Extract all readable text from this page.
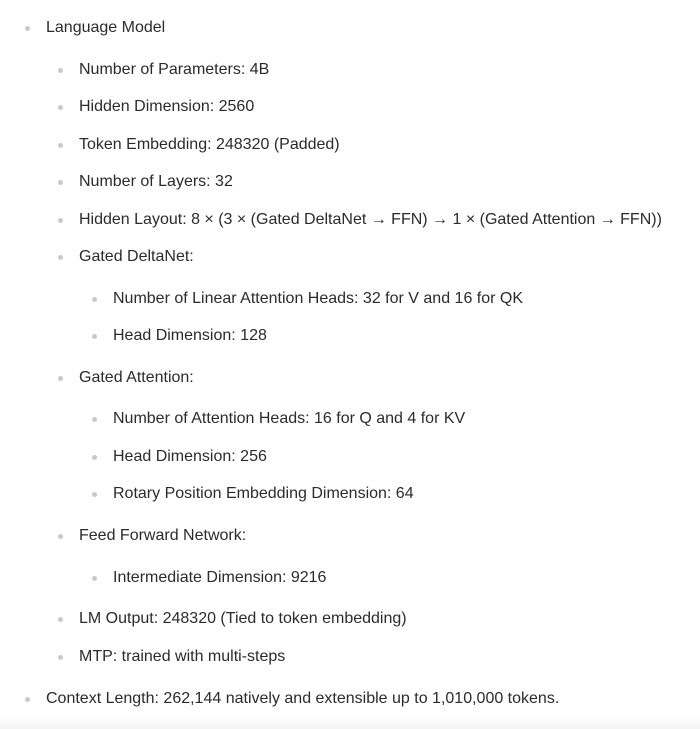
Language Model
Number of Parameters: 4B
Hidden Dimension: 2560
Token Embedding: 248320 (Padded)
Number of Layers: 32
Hidden Layout: 8 × (3 × (Gated DeltaNet → FFN) → 1 × (Gated Attention → FFN))
Gated DeltaNet:
Number of Linear Attention Heads: 32 for V and 16 for QK
Head Dimension: 128
Gated Attention:
Number of Attention Heads: 16 for Q and 4 for KV
Head Dimension: 256
Rotary Position Embedding Dimension: 64
Feed Forward Network:
Intermediate Dimension: 9216
LM Output: 248320 (Tied to token embedding)
MTP: trained with multi-steps
Context Length: 262,144 natively and extensible up to 1,010,000 tokens.
